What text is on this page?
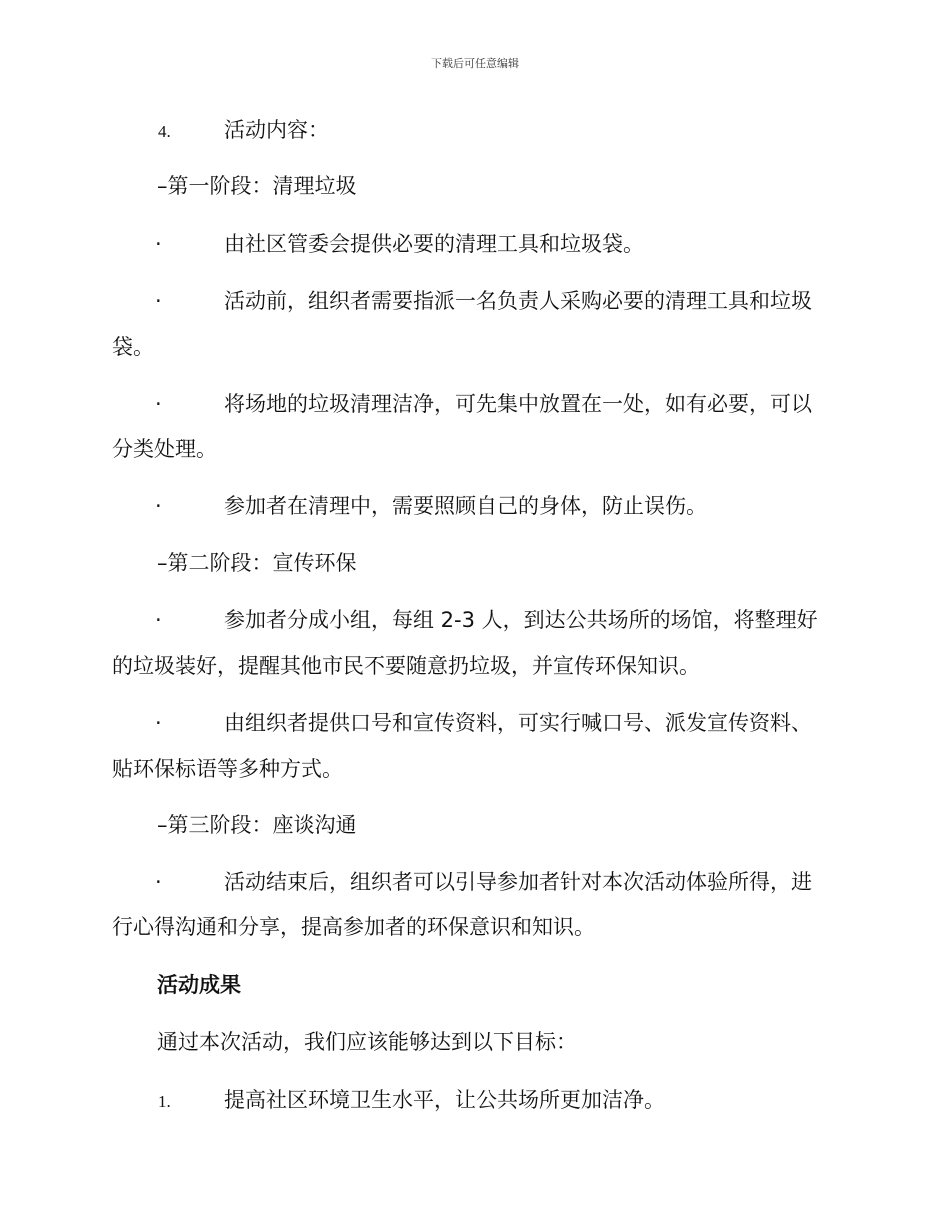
下载后可任意编辑
4.	活动内容：
–第一阶段：清理垃圾
·	由社区管委会提供必要的清理工具和垃圾袋。
·	活动前，组织者需要指派一名负责人采购必要的清理工具和垃圾
袋。
·	将场地的垃圾清理洁净，可先集中放置在一处，如有必要，可以
分类处理。
·	参加者在清理中，需要照顾自己的身体，防止误伤。
–第二阶段：宣传环保
·	参加者分成小组，每组 2-3 人，到达公共场所的场馆，将整理好
的垃圾装好，提醒其他市民不要随意扔垃圾，并宣传环保知识。
·	由组织者提供口号和宣传资料，可实行喊口号、派发宣传资料、
贴环保标语等多种方式。
–第三阶段：座谈沟通
·	活动结束后，组织者可以引导参加者针对本次活动体验所得，进
行心得沟通和分享，提高参加者的环保意识和知识。
活动成果
通过本次活动，我们应该能够达到以下目标：
1.	提高社区环境卫生水平，让公共场所更加洁净。
